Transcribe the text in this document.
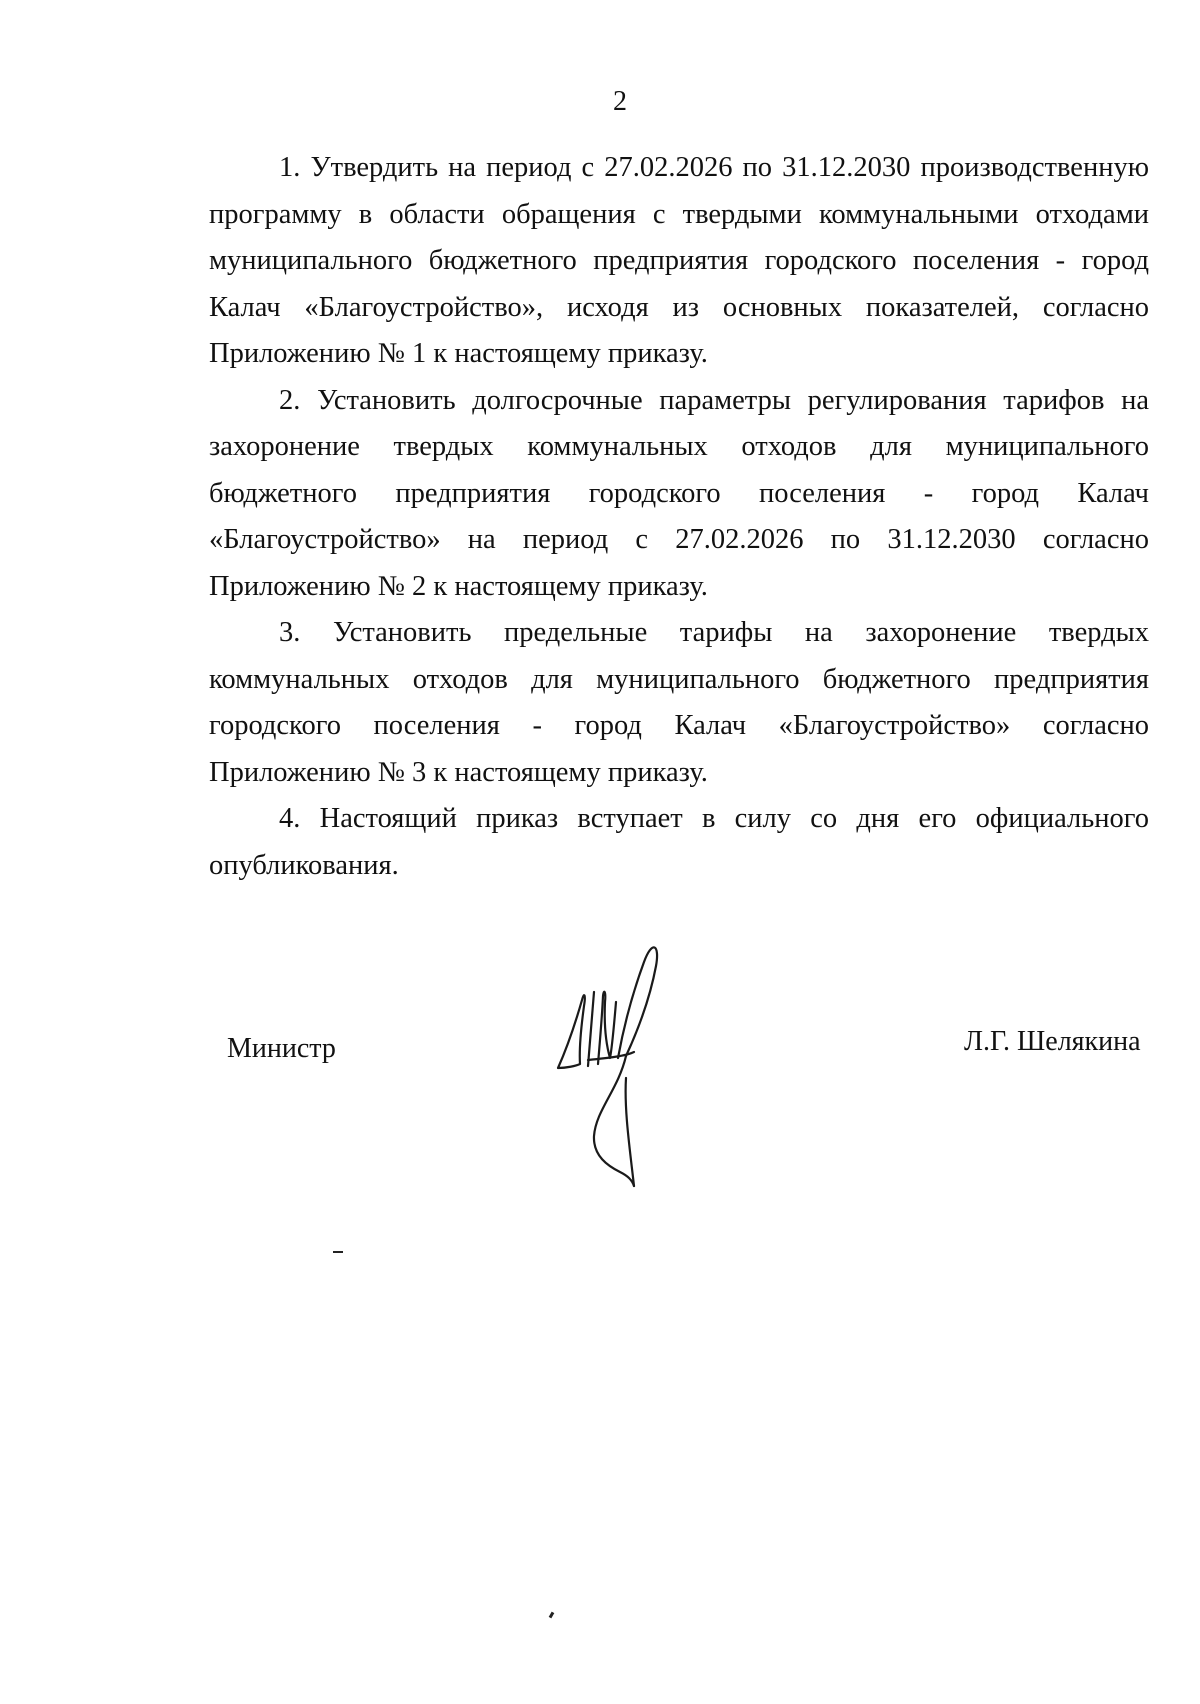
2

1. Утвердить на период с 27.02.2026 по 31.12.2030 производственную программу в области обращения с твердыми коммунальными отходами муниципального бюджетного предприятия городского поселения - город Калач «Благоустройство», исходя из основных показателей, согласно Приложению № 1 к настоящему приказу.

2. Установить долгосрочные параметры регулирования тарифов на захоронение твердых коммунальных отходов для муниципального бюджетного предприятия городского поселения - город Калач «Благоустройство» на период с 27.02.2026 по 31.12.2030 согласно Приложению № 2 к настоящему приказу.

3. Установить предельные тарифы на захоронение твердых коммунальных отходов для муниципального бюджетного предприятия городского поселения - город Калач «Благоустройство» согласно Приложению № 3 к настоящему приказу.

4. Настоящий приказ вступает в силу со дня его официального опубликования.

Министр	Л.Г. Шелякина
